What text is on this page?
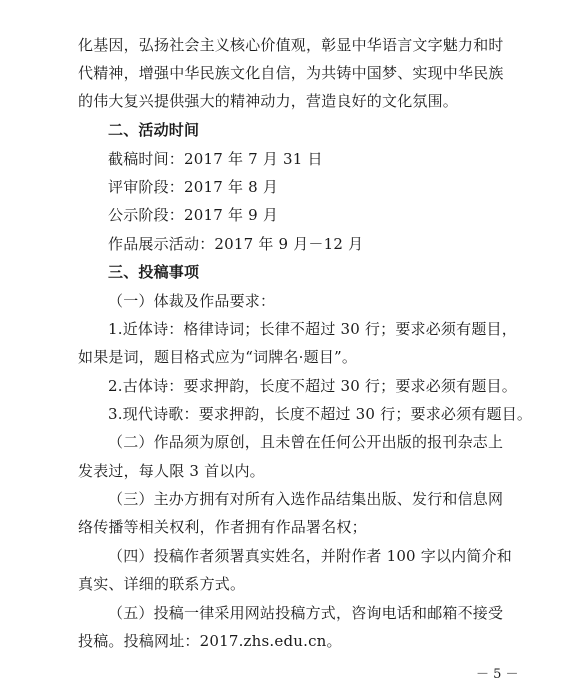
化基因，弘扬社会主义核心价值观，彰显中华语言文字魅力和时
代精神，增强中华民族文化自信，为共铸中国梦、实现中华民族
的伟大复兴提供强大的精神动力，营造良好的文化氛围。
二、活动时间
截稿时间：2017 年 7 月 31 日
评审阶段：2017 年 8 月
公示阶段：2017 年 9 月
作品展示活动：2017 年 9 月－12 月
三、投稿事项
（一）体裁及作品要求：
1.近体诗：格律诗词；长律不超过 30 行；要求必须有题目，
如果是词，题目格式应为“词牌名·题目”。
2.古体诗：要求押韵，长度不超过 30 行；要求必须有题目。
3.现代诗歌：要求押韵，长度不超过 30 行；要求必须有题目。
（二）作品须为原创，且未曾在任何公开出版的报刊杂志上
发表过，每人限 3 首以内。
（三）主办方拥有对所有入选作品结集出版、发行和信息网
络传播等相关权利，作者拥有作品署名权；
（四）投稿作者须署真实姓名，并附作者 100 字以内简介和
真实、详细的联系方式。
（五）投稿一律采用网站投稿方式，咨询电话和邮箱不接受
投稿。投稿网址：2017.zhs.edu.cn。
－ 5 －
